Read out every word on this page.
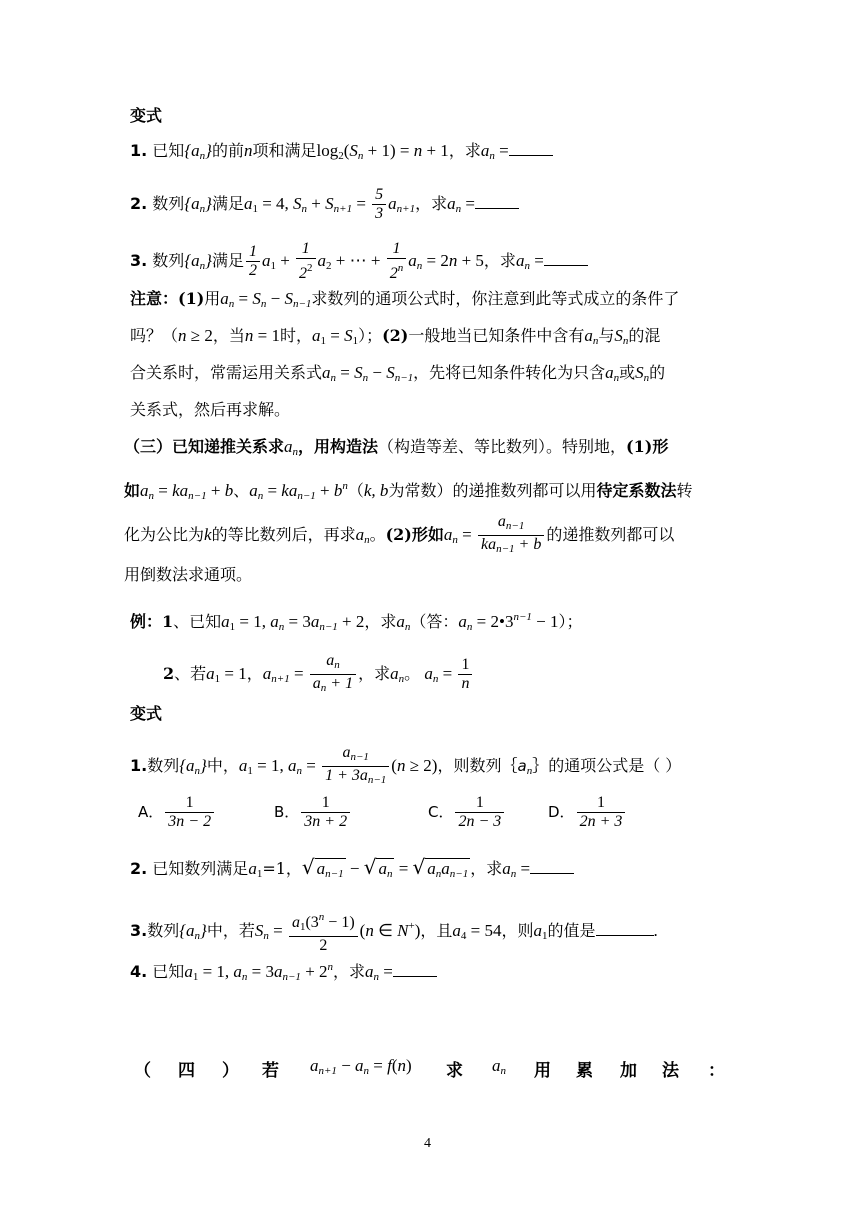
变式
1. 已知$\{a_n\}$的前n项和满足$\log_2(S_n + 1) = n + 1$，求$a_n$ =
2. 数列$\{a_n\}$满足$a_1 = 4$, $S_n + S_{n+1} = \frac{5}{3} a_{n+1}$，求$a_n$ =
3. 数列$\{a_n\}$满足 $\frac{1}{2} a_1 + \frac{1}{2^2} a_2$ + ⋯ + $\frac{1}{2^n} a_n = 2n + 5$，求$a_n$ =
注意：(1)用$a_n = S_n - S_{n-1}$求数列的通项公式时，你注意到此等式成立的条件了
吗？（n ≥ 2，当n = 1时，$a_1 = S_1$）；(2)一般地当已知条件中含有$a_n$与$S_n$的混
合关系时，常需运用关系式$a_n = S_n - S_{n-1}$，先将已知条件转化为只含$a_n$或$S_n$的
关系式，然后再求解。
（三）已知递推关系求$a_n$，用构造法（构造等差、等比数列）。特别地，(1)形
如$a_n = ka_{n-1} + b$、$a_n = ka_{n-1} + b^n(k$, b为常数）的递推数列都可以用待定系数法转
化为公比为k的等比数列后，再求$a_n$。(2)形如$a_n = \frac{a_{n-1}}{ka_{n-1} + b}$ 的递推数列都可以
用倒数法求通项。
例：1、已知$a_1 = 1$, $a_n = 3a_{n-1} + 2$，求$a_n$（答：$a_n$ = $2•3^{n-1} - 1$）；
2、若$a_1 = 1$，$a_{n+1} = \frac{a_n}{a_n + 1}$ ，求$a_n$。 $a_n = \frac{1}{n}$
变式
1.数列$\{a_n\}$中，$a_1 = 1$, $a_n = \frac{a_{n-1}}{1 + 3a_{n-1}} (n \ge 2)$，则数列$\{a_n\}$的通项公式是（ ）
A． $\frac{1}{3n - 2}$	B． $\frac{1}{3n + 2}$	C． $\frac{1}{2n - 3}$	D． $\frac{1}{2n + 3}$
2. 已知数列满足$a_1=1$，√ $a_{n-1}$ − √ $a_n$ = √ $a_na_{n-1}$ ，求$a_n$ =
3.数列$\{a_n\}$中，若$S_n = \frac{a_1(3^n - 1)}{2} (n$ ∈ N+)，且$a_4 = 54$，则$a_1$的值是	.
4. 已知$a_1 = 1$, $a_n = 3a_{n-1} + 2^n$，求$a_n$ =
（ 四 ） 若 $a_{n+1} - a_n = f(n)$ 求 $a_n$ 用 累 加 法 ：
4
